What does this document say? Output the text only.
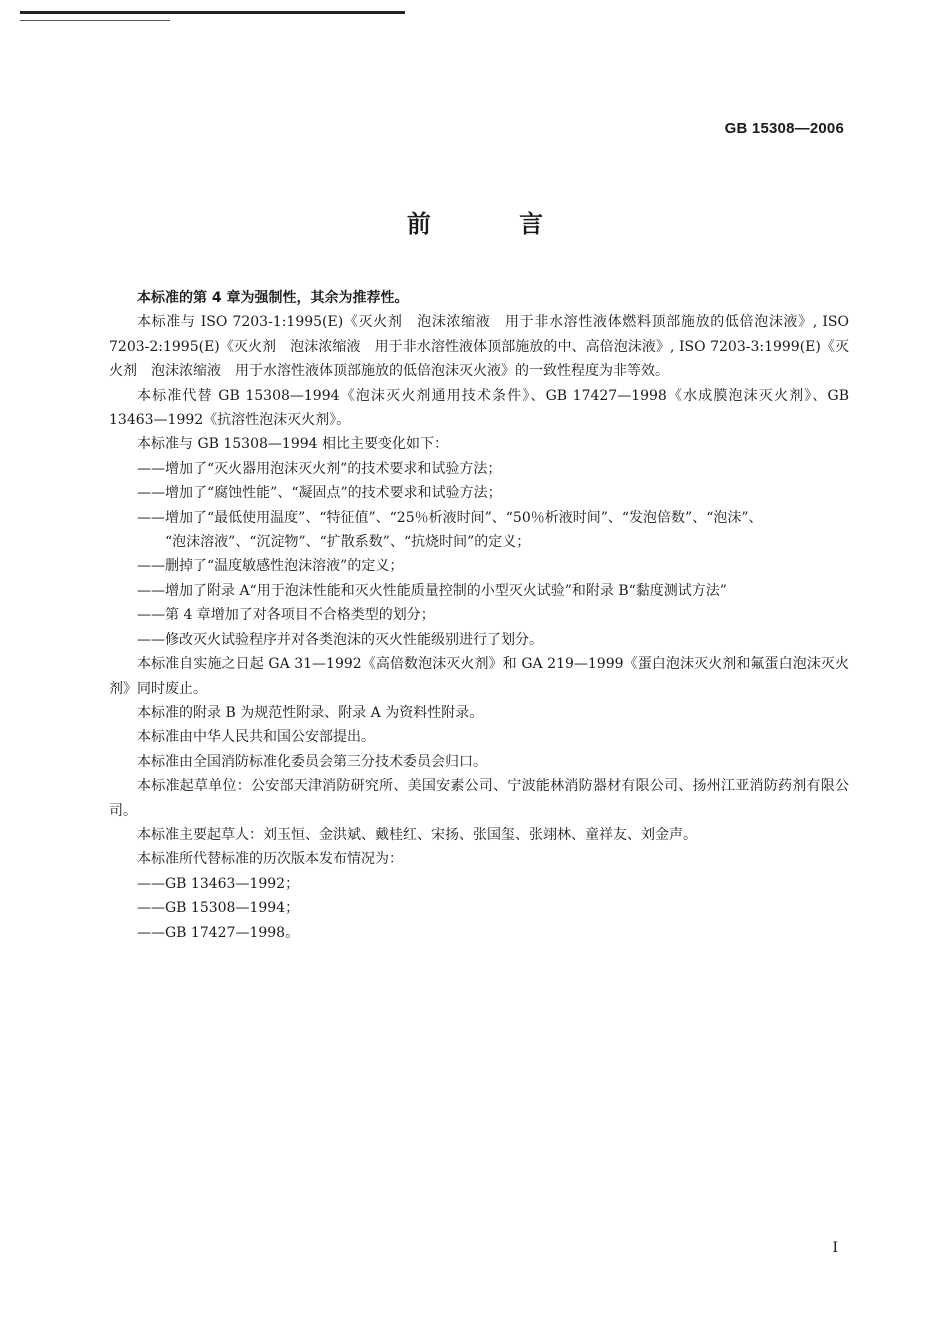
GB 15308—2006
前 言

本标准的第 4 章为强制性，其余为推荐性。

本标准与 ISO 7203-1:1995(E)《灭火剂　泡沫浓缩液　用于非水溶性液体燃料顶部施放的低倍泡沫液》, ISO 7203-2:1995(E)《灭火剂　泡沫浓缩液　用于非水溶性液体顶部施放的中、高倍泡沫液》, ISO 7203-3:1999(E)《灭火剂　泡沫浓缩液　用于水溶性液体顶部施放的低倍泡沫灭火液》的一致性程度为非等效。

本标准代替 GB 15308—1994《泡沫灭火剂通用技术条件》、GB 17427—1998《水成膜泡沫灭火剂》、GB 13463—1992《抗溶性泡沫灭火剂》。

本标准与 GB 15308—1994 相比主要变化如下：

——增加了“灭火器用泡沫灭火剂”的技术要求和试验方法；

——增加了“腐蚀性能”、“凝固点”的技术要求和试验方法；

——增加了“最低使用温度”、“特征值”、“25％析液时间”、“50％析液时间”、“发泡倍数”、“泡沫”、

“泡沫溶液”、“沉淀物”、“扩散系数”、“抗烧时间”的定义；

——删掉了“温度敏感性泡沫溶液”的定义；

——增加了附录 A“用于泡沫性能和灭火性能质量控制的小型灭火试验”和附录 B“黏度测试方法”

——第 4 章增加了对各项目不合格类型的划分；

——修改灭火试验程序并对各类泡沫的灭火性能级别进行了划分。

本标准自实施之日起 GA 31—1992《高倍数泡沫灭火剂》和 GA 219—1999《蛋白泡沫灭火剂和氟蛋白泡沫灭火剂》同时废止。

本标准的附录 B 为规范性附录、附录 A 为资料性附录。

本标准由中华人民共和国公安部提出。

本标准由全国消防标准化委员会第三分技术委员会归口。

本标准起草单位：公安部天津消防研究所、美国安素公司、宁波能林消防器材有限公司、扬州江亚消防药剂有限公司。

本标准主要起草人：刘玉恒、金洪斌、戴桂红、宋扬、张国玺、张翊林、童祥友、刘金声。

本标准所代替标准的历次版本发布情况为：

——GB 13463—1992；

——GB 15308—1994；

——GB 17427—1998。

I
